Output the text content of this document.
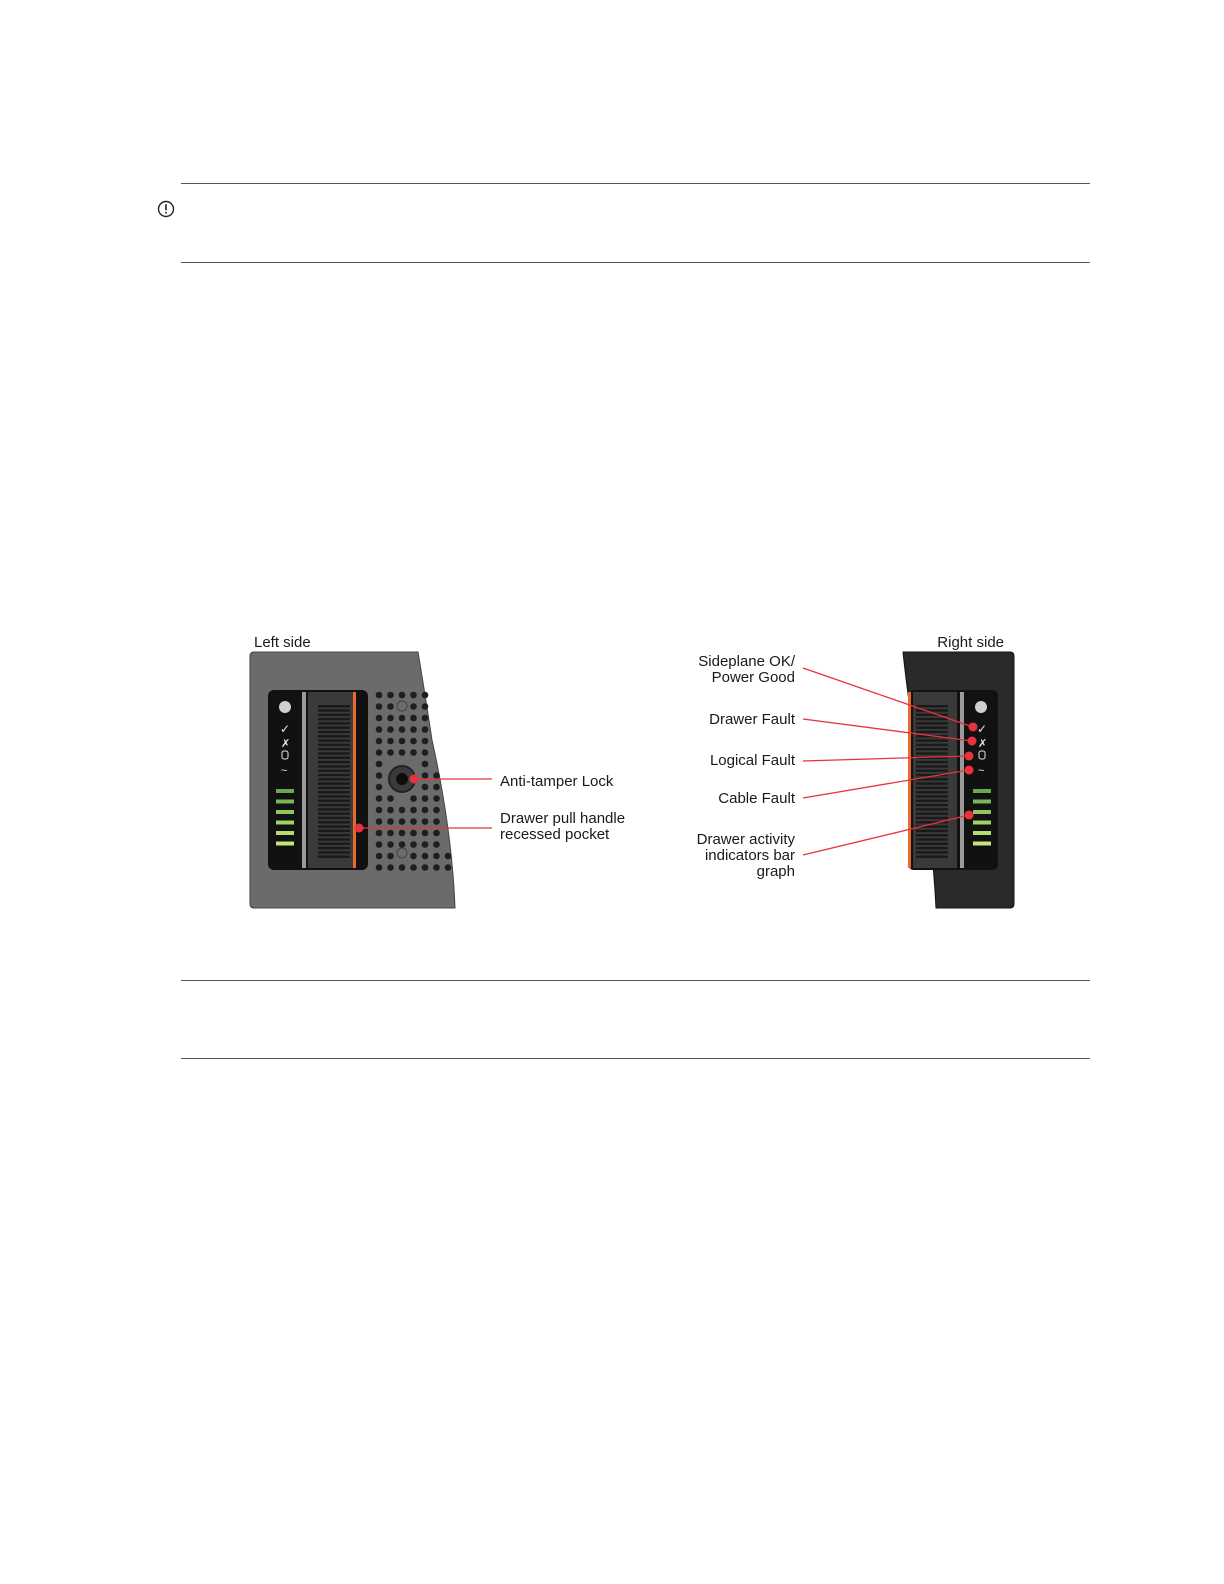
Left side
✓
✗
~
Anti-tamper Lock
Drawer pull handle
recessed pocket
Right side
✓
✗
~
Sideplane OK/
Power Good
Drawer Fault
Logical Fault
Cable Fault
Drawer activity
indicators bar
graph
